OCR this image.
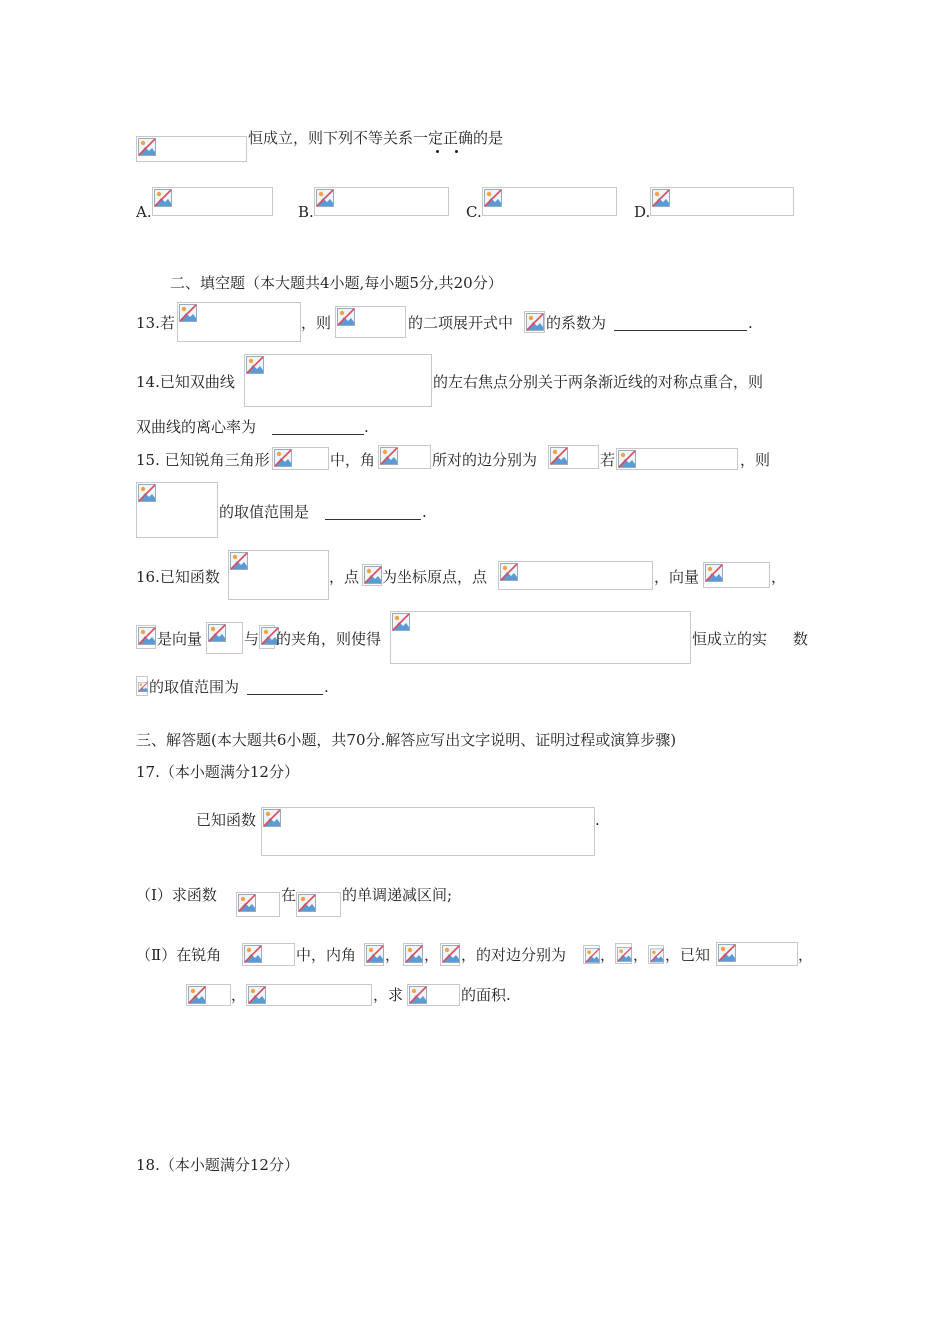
恒成立，则下列不等关系一定正确的是
A.	B.	C.	D.
二、填空题（本大题共4小题,每小题5分,共20分）
13.若	，则	的二项展开式中 的系数为	.
14.已知双曲线	的左右焦点分别关于两条渐近线的对称点重合，则
双曲线的离心率为	.
15. 已知锐角三角形	中，角	所对的边分别为	若	，则
的取值范围是	.
16.已知函数	，点 为坐标原点，点	，向量	，
是向量	与 的夹角，则使得	恒成立的实 数
的取值范围为	.
三、解答题(本大题共6小题，共70分.解答应写出文字说明、证明过程或演算步骤)
17.（本小题满分12分）
已知函数	.
（Ⅰ）求函数	在	的单调递减区间;
（Ⅱ）在锐角	中，内角 ， ， ，的对边分别为 ， ， ，已知	，
，	，求	的面积.
18.（本小题满分12分）
